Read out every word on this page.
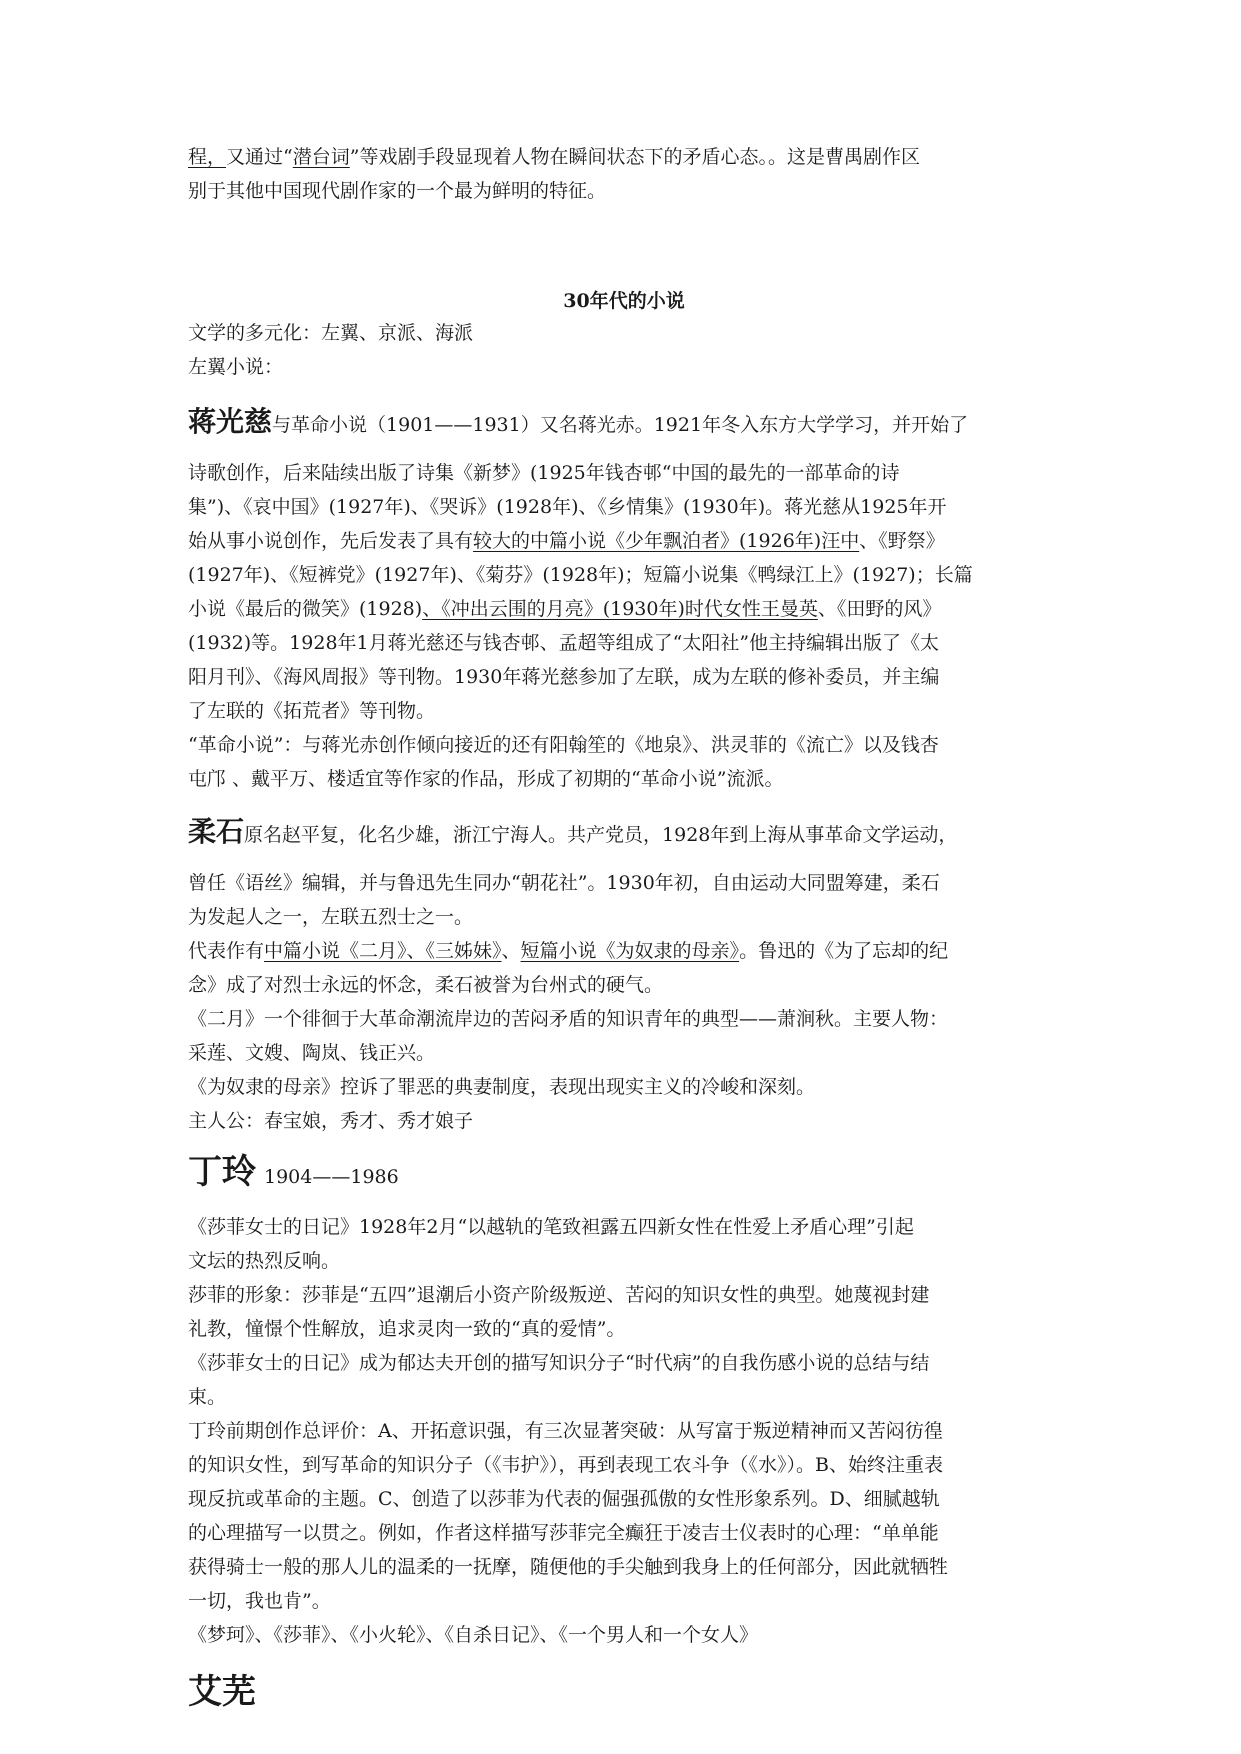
程，又通过“潜台词”等戏剧手段显现着人物在瞬间状态下的矛盾心态。。这是曹禺剧作区

别于其他中国现代剧作家的一个最为鲜明的特征。

30年代的小说

文学的多元化：左翼、京派、海派

左翼小说：

蒋光慈 与革命小说（1901——1931）又名蒋光赤。1921年冬入东方大学学习，并开始了

诗歌创作，后来陆续出版了诗集《新梦》(1925年钱杏邨“中国的最先的一部革命的诗

集”)、《哀中国》(1927年)、《哭诉》(1928年)、《乡情集》(1930年)。蒋光慈从1925年开

始从事小说创作，先后发表了具有较大的中篇小说《少年飘泊者》(1926年)汪中、《野祭》

(1927年)、《短裤党》(1927年)、《菊芬》(1928年)；短篇小说集《鸭绿江上》(1927)；长篇

小说《最后的微笑》(1928)、《冲出云围的月亮》(1930年)时代女性王曼英、《田野的风》

(1932)等。1928年1月蒋光慈还与钱杏邨、孟超等组成了“太阳社”他主持编辑出版了《太

阳月刊》、《海风周报》等刊物。1930年蒋光慈参加了左联，成为左联的修补委员，并主编

了左联的《拓荒者》等刊物。

“革命小说”：与蒋光赤创作倾向接近的还有阳翰笙的《地泉》、洪灵菲的《流亡》以及钱杏

屯邝 、戴平万、楼适宜等作家的作品，形成了初期的“革命小说”流派。

柔石 原名赵平复，化名少雄，浙江宁海人。共产党员，1928年到上海从事革命文学运动，

曾任《语丝》编辑，并与鲁迅先生同办“朝花社”。1930年初，自由运动大同盟筹建，柔石

为发起人之一，左联五烈士之一。

代表作有中篇小说《二月》、《三姊妹》、短篇小说《为奴隶的母亲》。鲁迅的《为了忘却的纪

念》成了对烈士永远的怀念，柔石被誉为台州式的硬气。

《二月》一个徘徊于大革命潮流岸边的苦闷矛盾的知识青年的典型——萧涧秋。主要人物：

采莲、文嫂、陶岚、钱正兴。

《为奴隶的母亲》控诉了罪恶的典妻制度，表现出现实主义的冷峻和深刻。

主人公：春宝娘，秀才、秀才娘子

丁玲 1904——1986

《莎菲女士的日记》1928年2月“以越轨的笔致袒露五四新女性在性爱上矛盾心理”引起

文坛的热烈反响。

莎菲的形象：莎菲是“五四”退潮后小资产阶级叛逆、苦闷的知识女性的典型。她蔑视封建

礼教，憧憬个性解放，追求灵肉一致的“真的爱情”。

《莎菲女士的日记》成为郁达夫开创的描写知识分子“时代病”的自我伤感小说的总结与结

束。

丁玲前期创作总评价：A、开拓意识强，有三次显著突破：从写富于叛逆精神而又苦闷彷徨

的知识女性，到写革命的知识分子（《韦护》），再到表现工农斗争（《水》）。B、始终注重表

现反抗或革命的主题。C、创造了以莎菲为代表的倔强孤傲的女性形象系列。D、细腻越轨

的心理描写一以贯之。例如，作者这样描写莎菲完全癫狂于凌吉士仪表时的心理：“单单能

获得骑士一般的那人儿的温柔的一抚摩，随便他的手尖触到我身上的任何部分，因此就牺牲

一切，我也肯”。

《梦珂》、《莎菲》、《小火轮》、《自杀日记》、《一个男人和一个女人》

艾芜
